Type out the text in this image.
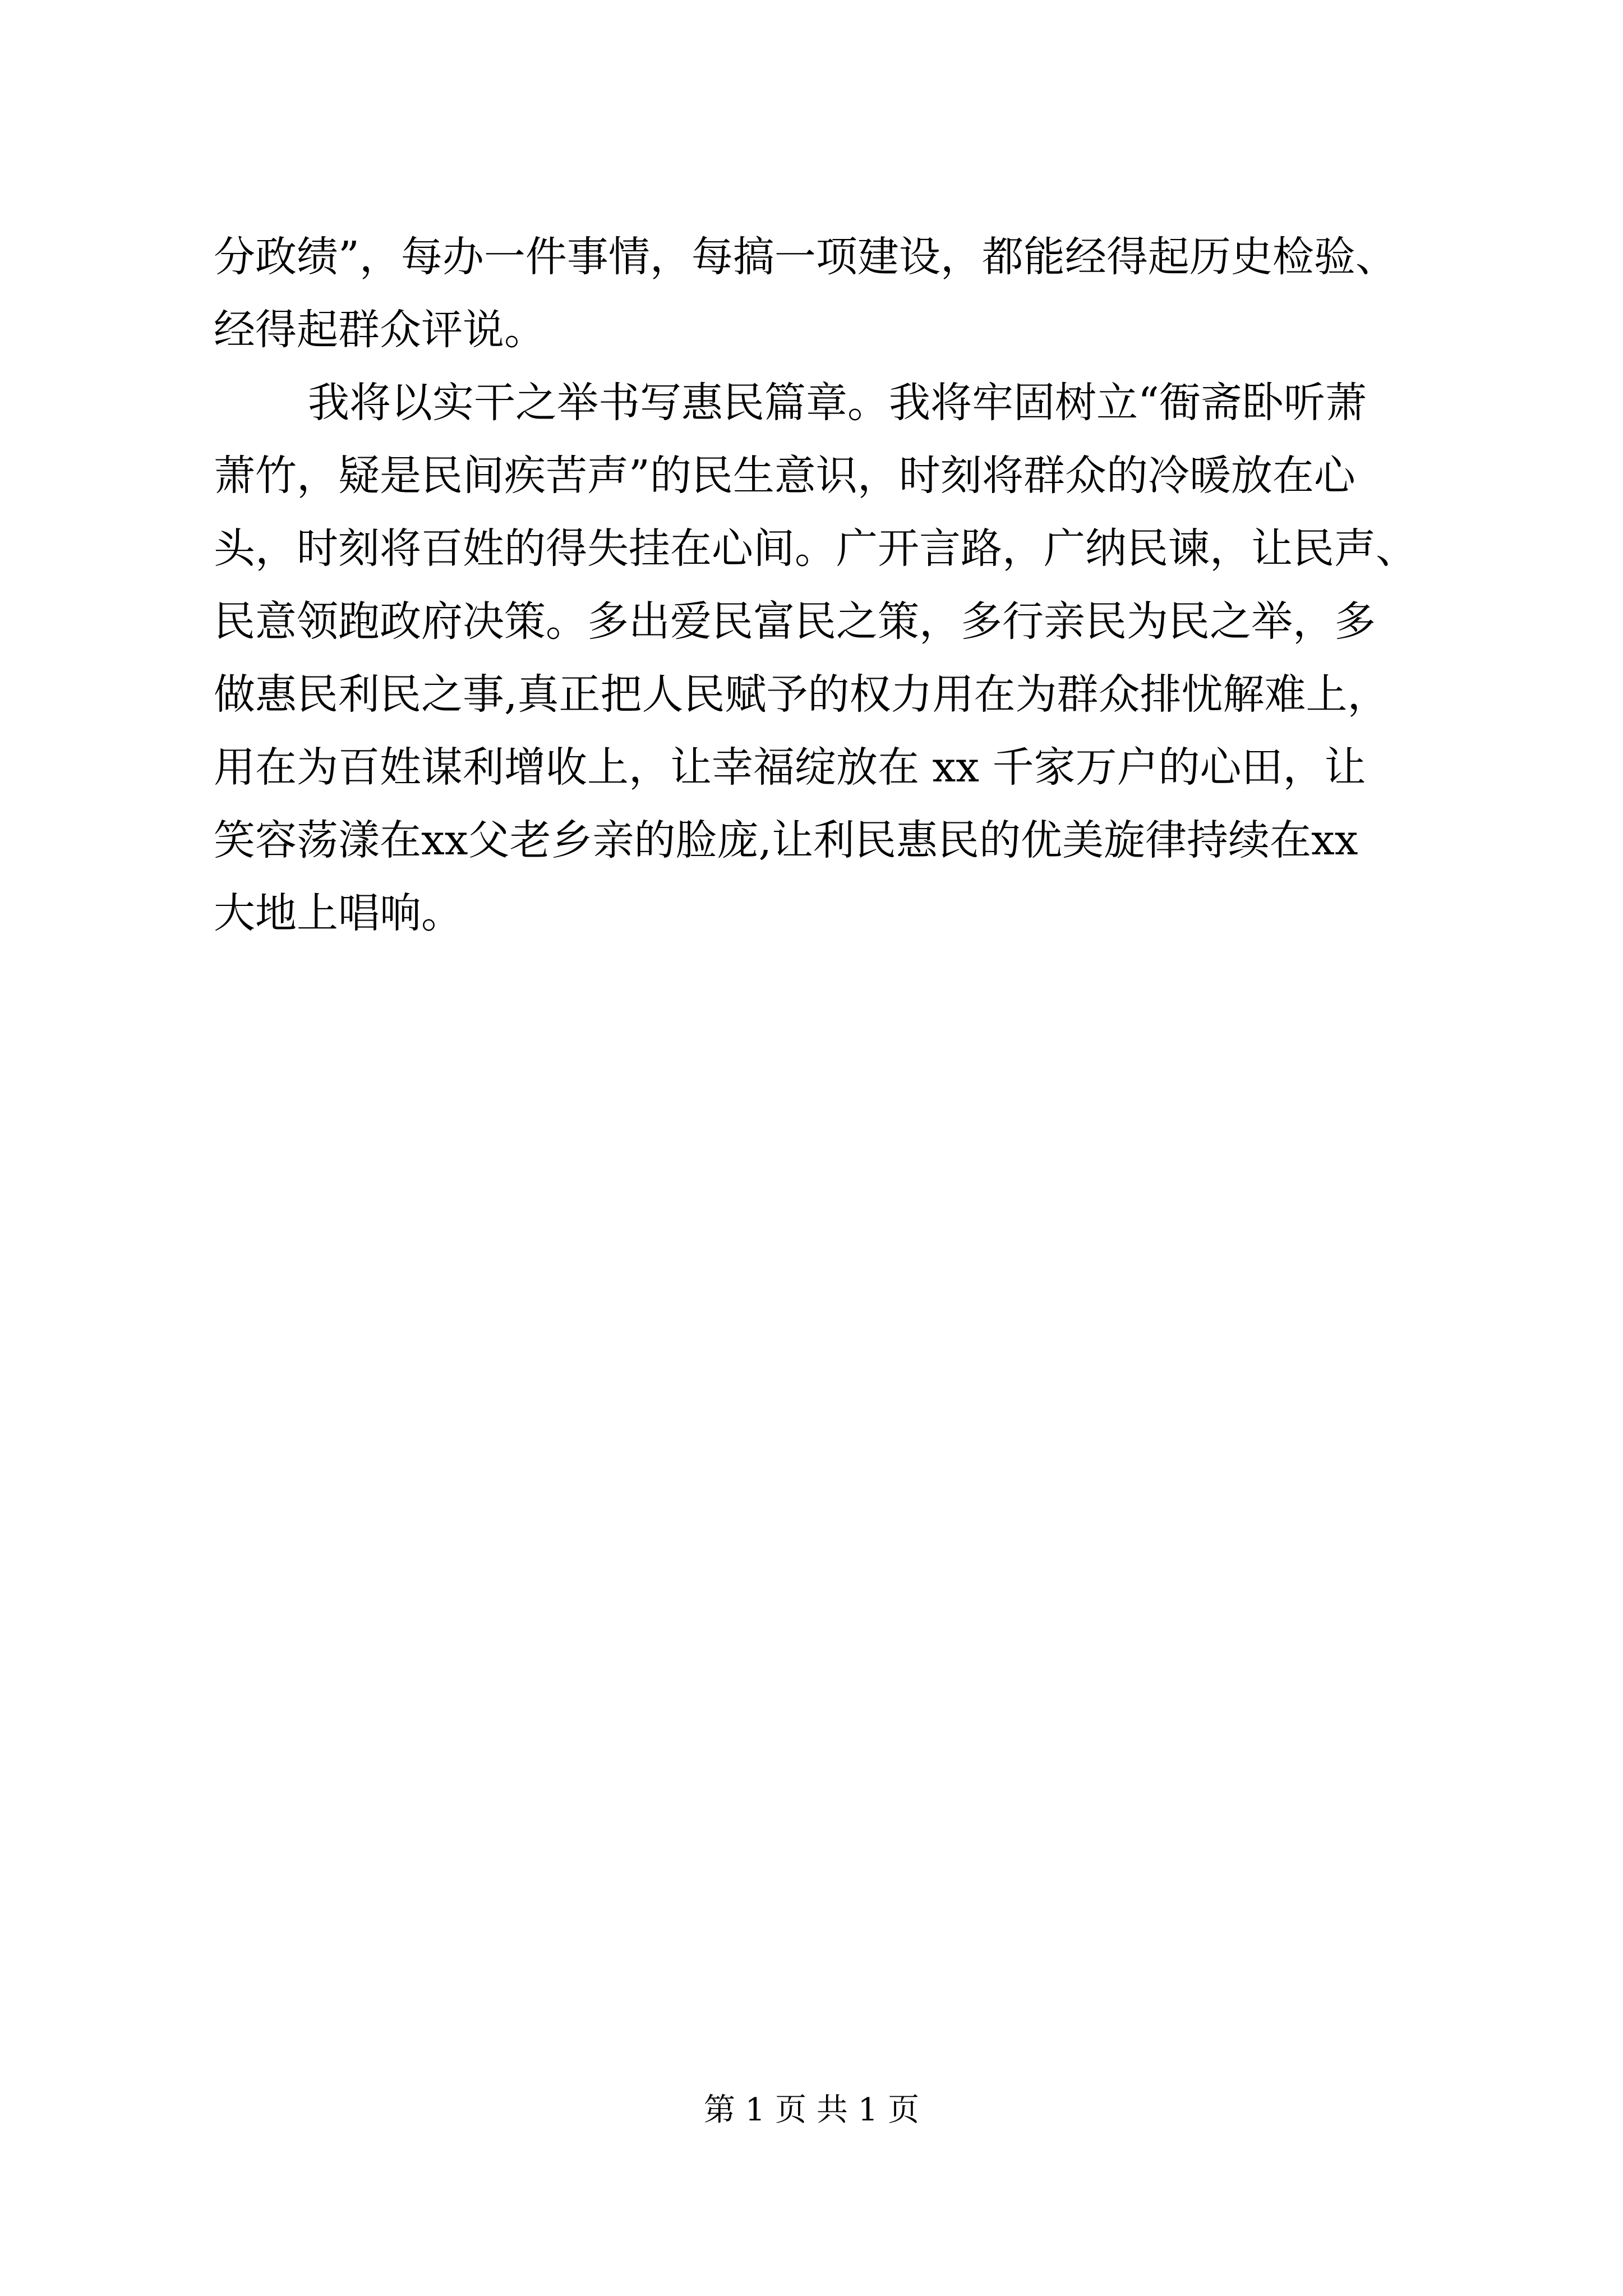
分政绩”，每办一件事情，每搞一项建设，都能经得起历史检验、
经得起群众评说。
我将以实干之举书写惠民篇章。我将牢固树立“衙斋卧听萧
萧竹，疑是民间疾苦声”的民生意识，时刻将群众的冷暖放在心
头，时刻将百姓的得失挂在心间。广开言路，广纳民谏，让民声、
民意领跑政府决策。多出爱民富民之策，多行亲民为民之举，多
做惠民利民之事,真正把人民赋予的权力用在为群众排忧解难上，
用在为百姓谋利增收上，让幸福绽放在 xx 千家万户的心田，让
笑容荡漾在xx父老乡亲的脸庞,让利民惠民的优美旋律持续在xx
大地上唱响。
第 1 页 共 1 页
